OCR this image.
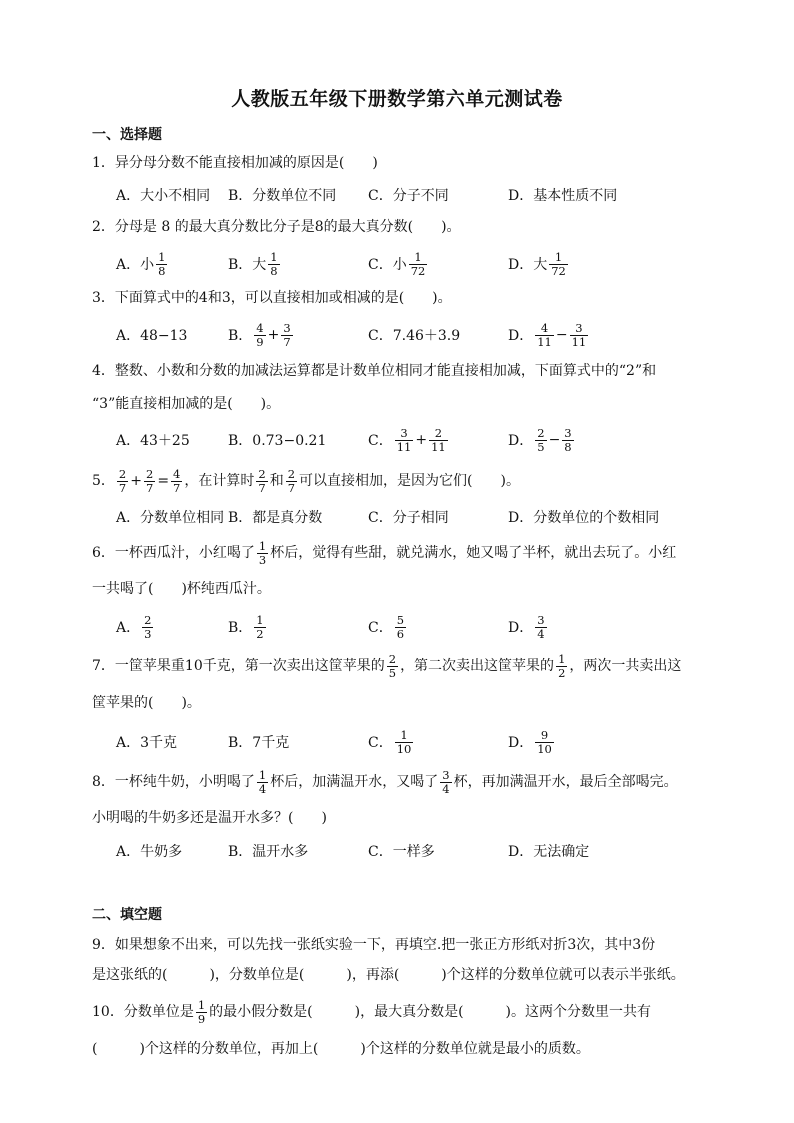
人教版五年级下册数学第六单元测试卷
一、选择题
1．异分母分数不能直接相加减的原因是(　　)
A．大小不相同 B．分数单位不同 C．分子不同	D．基本性质不同
2．分母是 8 的最大真分数比分子是8的最大真分数(　　)。
A．小 $\frac{1}{8}$	B．大 $\frac{1}{8}$	C．小 $\frac{1}{72}$	D．大 $\frac{1}{72}$
3．下面算式中的4和3，可以直接相加或相减的是(　　)。
A．48−13	B． $\frac{4}{9} + \frac{3}{7}$	C．7.46＋3.9	D． $\frac{4}{11} - \frac{3}{11}$
4．整数、小数和分数的加减法运算都是计数单位相同才能直接相加减，下面算式中的“2”和
“3”能直接相加减的是(　　)。
A．43＋25	B．0.73−0.21	C． $\frac{3}{11} + \frac{2}{11}$	D． $\frac{2}{5} - \frac{3}{8}$
5． $\frac{2}{7} + \frac{2}{7} = \frac{4}{7}$ ，在计算时 $\frac{2}{7}$ 和 $\frac{2}{7}$ 可以直接相加，是因为它们(　　)。
A．分数单位相同 B．都是真分数	C．分子相同	D．分数单位的个数相同
6．一杯西瓜汁，小红喝了 $\frac{1}{3}$ 杯后，觉得有些甜，就兑满水，她又喝了半杯，就出去玩了。小红
一共喝了(　　)杯纯西瓜汁。
A． $\frac{2}{3}$	B． $\frac{1}{2}$	C． $\frac{5}{6}$	D． $\frac{3}{4}$
7．一筐苹果重10千克，第一次卖出这筐苹果的 $\frac{2}{5}$ ，第二次卖出这筐苹果的 $\frac{1}{2}$ ，两次一共卖出这
筐苹果的(　　)。
A．3千克	B．7千克	C． $\frac{1}{10}$	D． $\frac{9}{10}$
8．一杯纯牛奶，小明喝了 $\frac{1}{4}$ 杯后，加满温开水，又喝了 $\frac{3}{4}$ 杯，再加满温开水，最后全部喝完。
小明喝的牛奶多还是温开水多？(　　)
A．牛奶多	B．温开水多	C．一样多	D．无法确定
二、填空题
9．如果想象不出来，可以先找一张纸实验一下，再填空.把一张正方形纸对折3次，其中3份
是这张纸的(　　　)，分数单位是(　　　)，再添(　　　)个这样的分数单位就可以表示半张纸。
10．分数单位是 $\frac{1}{9}$ 的最小假分数是(　　　)，最大真分数是(　　　)。这两个分数里一共有
(　　　)个这样的分数单位，再加上(　　　)个这样的分数单位就是最小的质数。
